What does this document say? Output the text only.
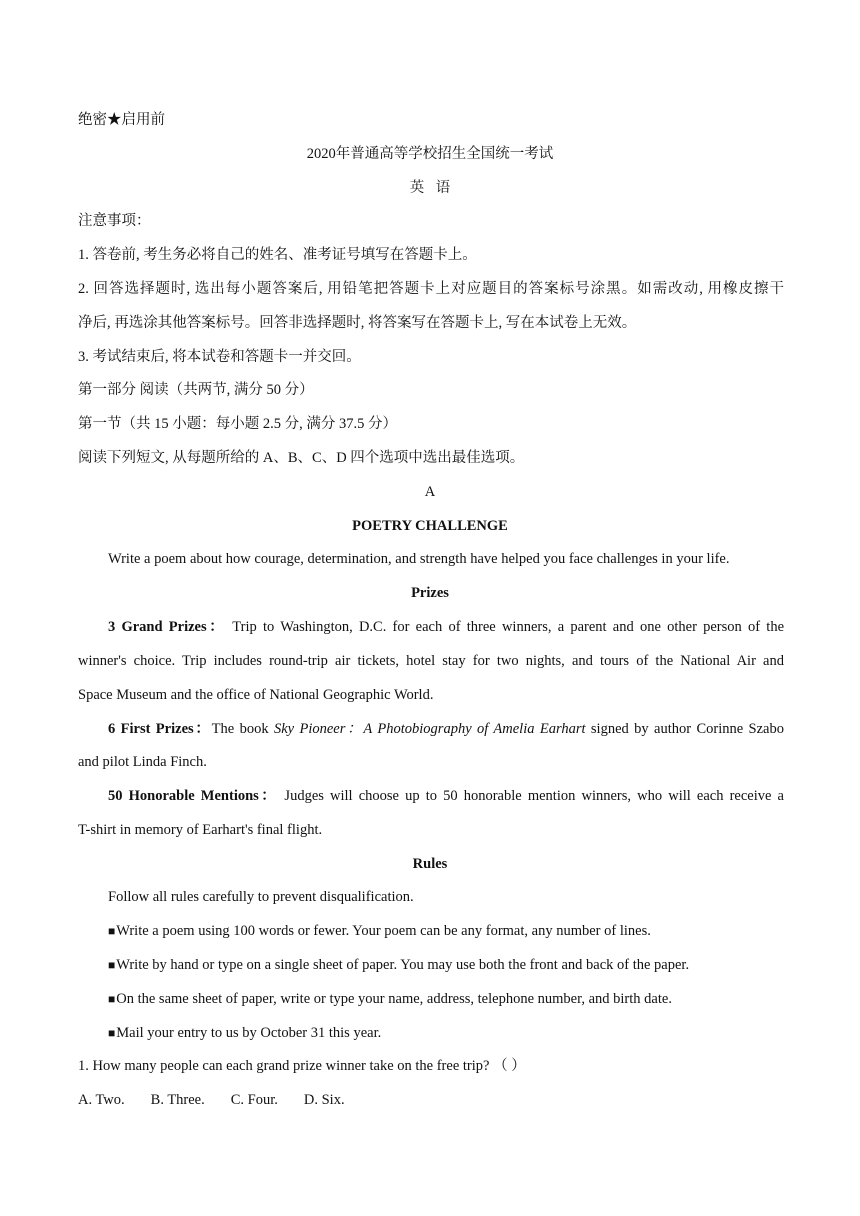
绝密★启用前
2020年普通高等学校招生全国统一考试
英 语
注意事项：
1. 答卷前, 考生务必将自己的姓名、准考证号填写在答题卡上。
2. 回答选择题时, 选出每小题答案后, 用铅笔把答题卡上对应题目的答案标号涂黑。如需改动, 用橡皮擦干
净后, 再选涂其他答案标号。回答非选择题时, 将答案写在答题卡上, 写在本试卷上无效。
3. 考试结束后, 将本试卷和答题卡一并交回。
第一部分 阅读（共两节, 满分 50 分）
第一节（共 15 小题：每小题 2.5 分, 满分 37.5 分）
阅读下列短文, 从每题所给的 A、B、C、D 四个选项中选出最佳选项。
A
POETRY CHALLENGE
Write a poem about how courage, determination, and strength have helped you face challenges in your life.
Prizes
3 Grand Prizes： Trip to Washington, D.C. for each of three winners, a parent and one other person of the
winner's choice. Trip includes round-trip air tickets, hotel stay for two nights, and tours of the National Air and
Space Museum and the office of National Geographic World.
6 First Prizes：The book Sky Pioneer：A Photobiography of Amelia Earhart signed by author Corinne Szabo
and pilot Linda Finch.
50 Honorable Mentions： Judges will choose up to 50 honorable mention winners, who will each receive a
T-shirt in memory of Earhart's final flight.
Rules
Follow all rules carefully to prevent disqualification.
■ Write a poem using 100 words or fewer. Your poem can be any format, any number of lines.
■ Write by hand or type on a single sheet of paper. You may use both the front and back of the paper.
■ On the same sheet of paper, write or type your name, address, telephone number, and birth date.
■ Mail your entry to us by October 31 this year.
1. How many people can each grand prize winner take on the free trip? （ ）
A. Two. B. Three. C. Four. D. Six.
